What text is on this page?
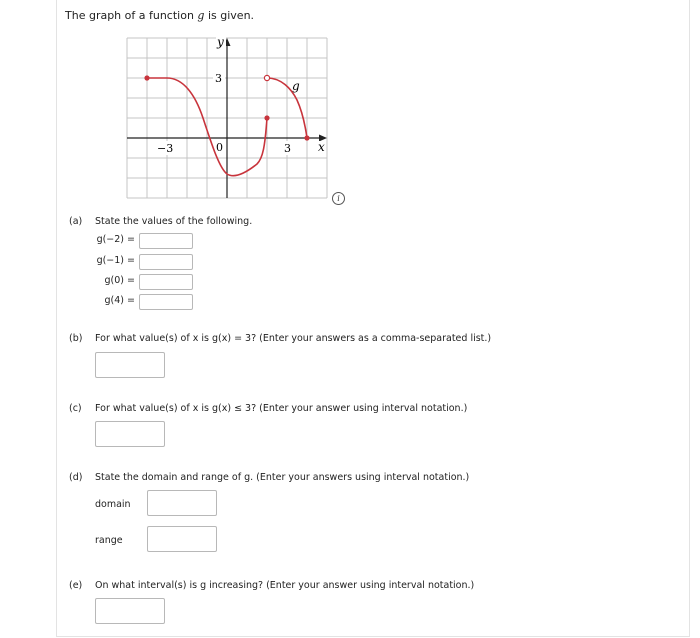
The graph of a function g is given.
y
3
−3	0	3 x
g
i
(a) State the values of the following.
g(−2) =
g(−1) =
g(0) =
g(4) =
(b) For what value(s) of x is g(x) = 3? (Enter your answers as a comma-separated list.)
(c) For what value(s) of x is g(x) ≤ 3? (Enter your answer using interval notation.)
(d) State the domain and range of g. (Enter your answers using interval notation.)
domain
range
(e) On what interval(s) is g increasing? (Enter your answer using interval notation.)
